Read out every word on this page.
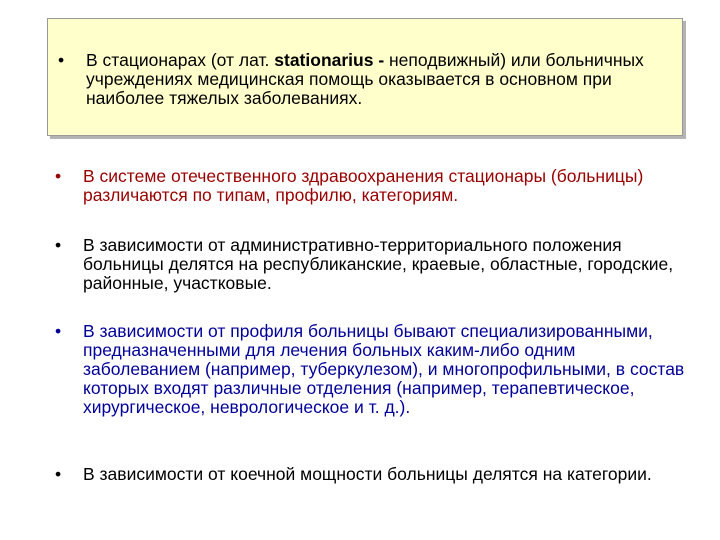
•	В стационарах (от лат. stationarius - неподвижный) или больничных учреждениях медицинская помощь оказывается в основном при наиболее тяжелых заболеваниях.
•	В системе отечественного здравоохранения стационары (больницы) различаются по типам, профилю, категориям.
•	В зависимости от административно-территориального положения больницы делятся на республиканские, краевые, областные, городские, районные, участковые.
•	В зависимости от профиля больницы бывают специализированными, предназначенными для лечения больных каким-либо одним заболеванием (например, туберкулезом), и многопрофильными, в состав которых входят различные отделения (например, терапевтическое, хирургическое, неврологическое и т. д.).
•	В зависимости от коечной мощности больницы делятся на категории.
